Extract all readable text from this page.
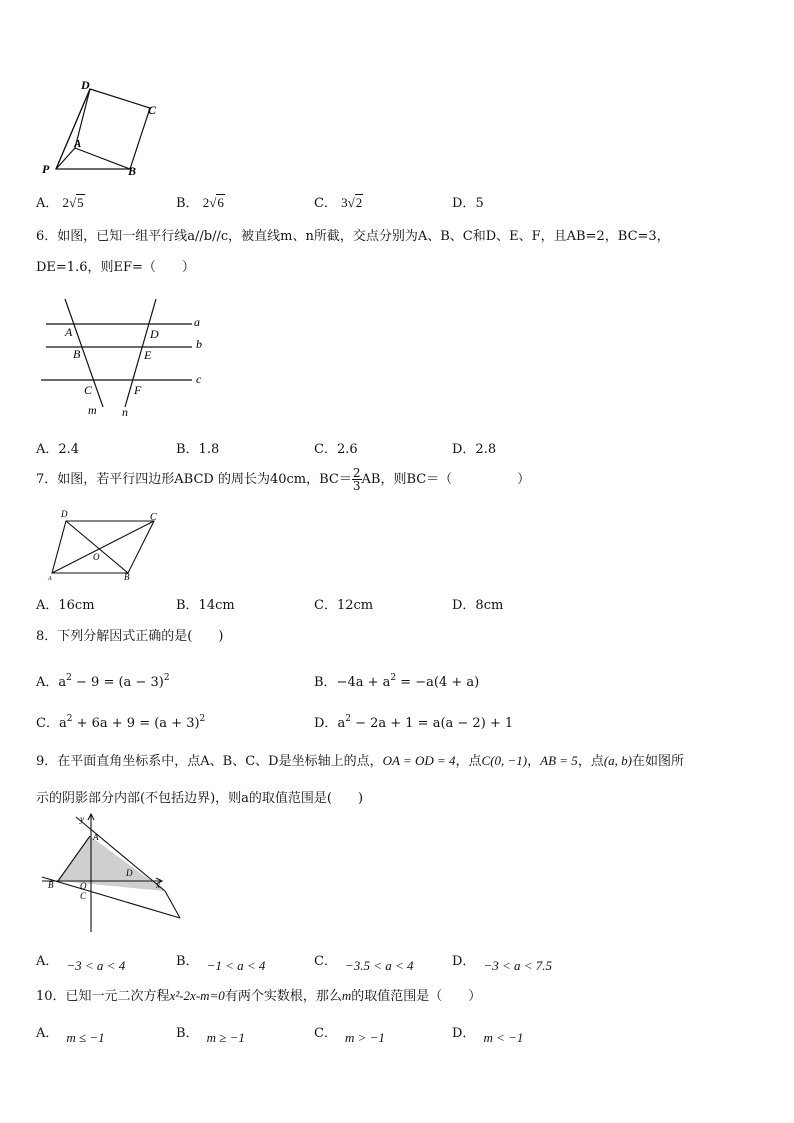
D
C
A
P	B
A． 2√5	B． 2√6	C． 3√2	D．5
6．如图，已知一组平行线a//b//c，被直线m、n所截，交点分别为A、B、C和D、E、F，且AB=2，BC=3，
DE=1.6，则EF=（　　）
a
b
c
A
B
C
D
E
F
m n
A．2.4	B．1.8	C．2.6	D．2.8
7．如图，若平行四边形ABCD 的周长为40cm，$BC= \frac{2}{3}$ AB，则BC＝（　　　　　）
D	C
O
A	B
A．16cm	B．14cm	C．12cm	D．8cm
8．下列分解因式正确的是(　　)
A．$a^2 - 9 = (a - 3)^2$	B．$-4a + a^2 = -a(4 + a)$
C．$a^2 + 6a + 9 = (a + 3)^2$	D．$a^2 - 2a + 1 = a(a - 2) + 1$
9．在平面直角坐标系中，点A、B、C、D是坐标轴上的点，OA = OD = 4，点C(0, −1)，AB = 5，点(a, b)在如图所
示的阴影部分内部(不包括边界)，则a的取值范围是(　　)
y
A
B	O
C
D
x
A． −3 < a < 4	B． −1 < a < 4	C． −3.5 < a < 4	D． −3 < a < 7.5
10．已知一元二次方程x²-2x-m=0有两个实数根，那么m的取值范围是（　　）
A． m ≤ −1	B． m ≥ −1	C． m > −1	D． m < −1
